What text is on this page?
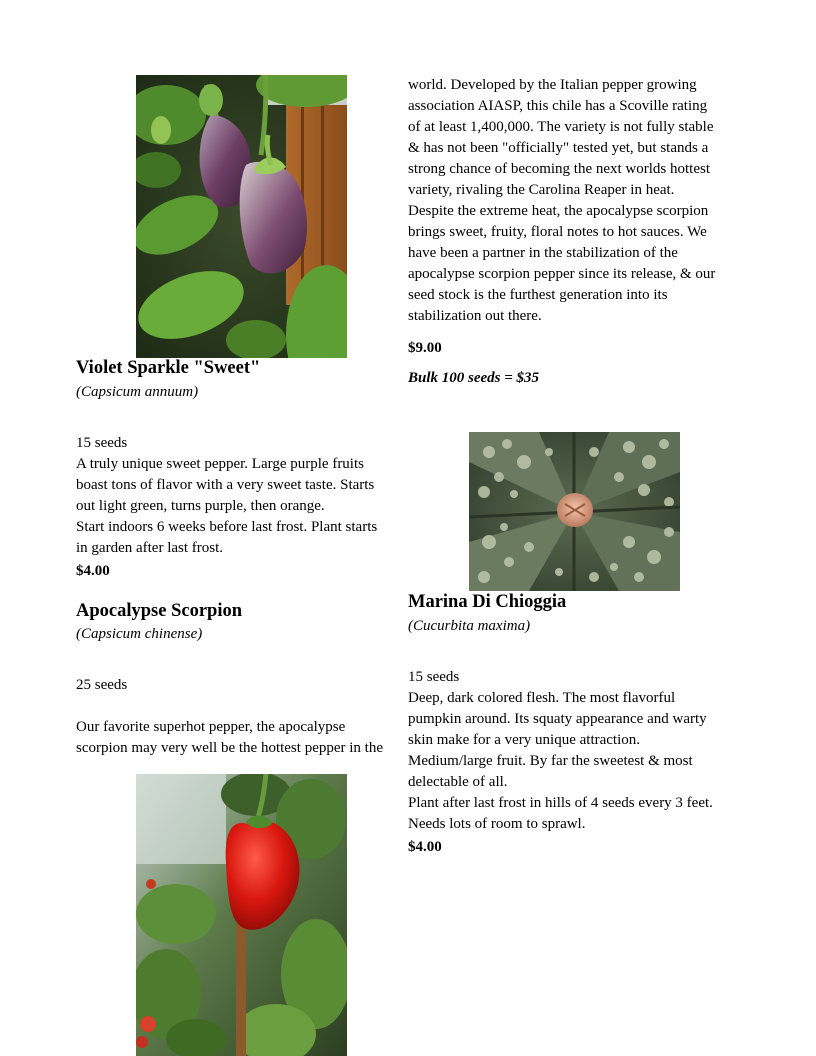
Violet Sparkle "Sweet"
(Capsicum annuum)
15 seeds
A truly unique sweet pepper. Large purple fruits
boast tons of flavor with a very sweet taste. Starts
out light green, turns purple, then orange.
Start indoors 6 weeks before last frost. Plant starts
in garden after last frost.
$4.00
Apocalypse Scorpion
(Capsicum chinense)
25 seeds
Our favorite superhot pepper, the apocalypse
scorpion may very well be the hottest pepper in the
world. Developed by the Italian pepper growing
association AIASP, this chile has a Scoville rating
of at least 1,400,000. The variety is not fully stable
& has not been "officially" tested yet, but stands a
strong chance of becoming the next worlds hottest
variety, rivaling the Carolina Reaper in heat.
Despite the extreme heat, the apocalypse scorpion
brings sweet, fruity, floral notes to hot sauces. We
have been a partner in the stabilization of the
apocalypse scorpion pepper since its release, & our
seed stock is the furthest generation into its
stabilization out there.
$9.00
Bulk 100 seeds = $35
Marina Di Chioggia
(Cucurbita maxima)
15 seeds
Deep, dark colored flesh. The most flavorful
pumpkin around. Its squaty appearance and warty
skin make for a very unique attraction.
Medium/large fruit. By far the sweetest & most
delectable of all.
Plant after last frost in hills of 4 seeds every 3 feet.
Needs lots of room to sprawl.
$4.00
